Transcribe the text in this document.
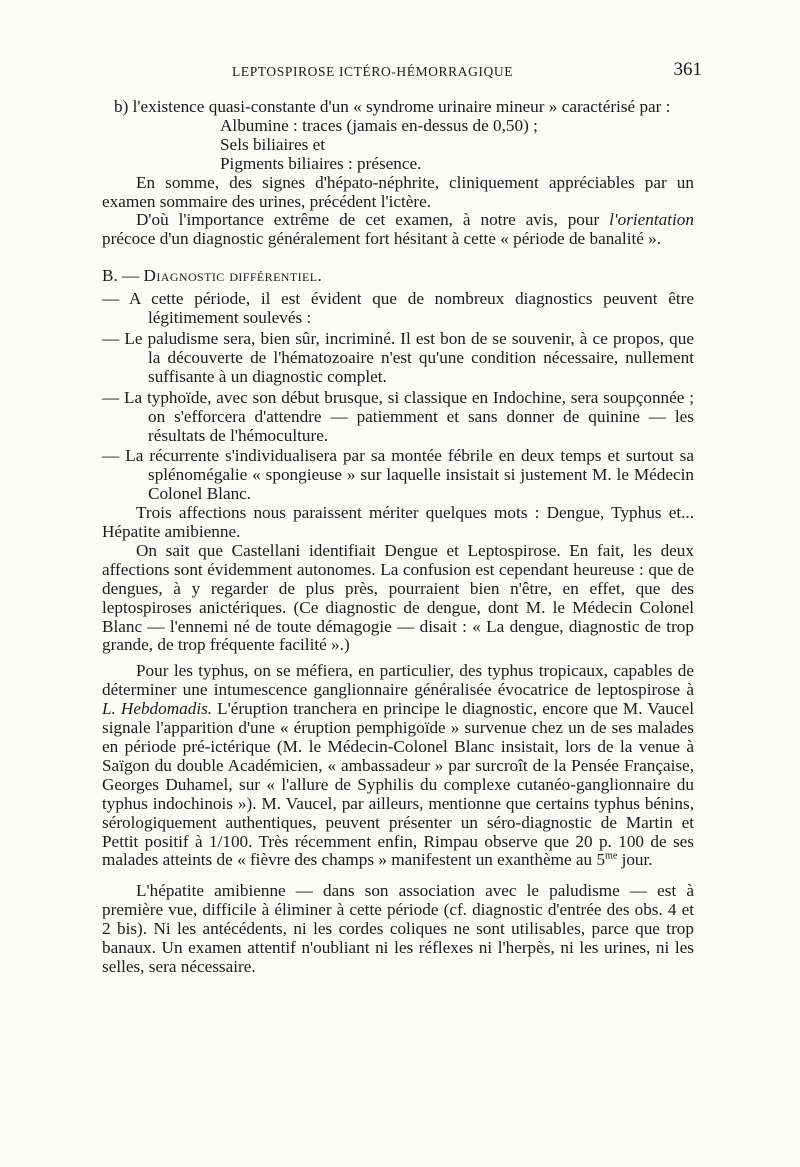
LEPTOSPIROSE ICTÉRO-HÉMORRAGIQUE	361

b) l'existence quasi-constante d'un « syndrome urinaire mineur » caractérisé par :

Albumine : traces (jamais en-dessus de 0,50) ;
Sels biliaires et
Pigments biliaires : présence.

En somme, des signes d'hépato-néphrite, cliniquement appréciables par un examen sommaire des urines, précédent l'ictère.

D'où l'importance extrême de cet examen, à notre avis, pour l'orientation précoce d'un diagnostic généralement fort hésitant à cette « période de banalité ».

B. — Diagnostic différentiel.

— A cette période, il est évident que de nombreux diagnostics peuvent être légitimement soulevés :

— Le paludisme sera, bien sûr, incriminé. Il est bon de se souvenir, à ce propos, que la découverte de l'hématozoaire n'est qu'une condition nécessaire, nullement suffisante à un diagnostic complet.

— La typhoïde, avec son début brusque, si classique en Indochine, sera soupçonnée ; on s'efforcera d'attendre — patiemment et sans donner de quinine — les résultats de l'hémoculture.

— La récurrente s'individualisera par sa montée fébrile en deux temps et surtout sa splénomégalie « spongieuse » sur laquelle insistait si justement M. le Médecin Colonel Blanc.

Trois affections nous paraissent mériter quelques mots : Dengue, Typhus et... Hépatite amibienne.

On sait que Castellani identifiait Dengue et Leptospirose. En fait, les deux affections sont évidemment autonomes. La confusion est cependant heureuse : que de dengues, à y regarder de plus près, pourraient bien n'être, en effet, que des leptospiroses anictériques. (Ce diagnostic de dengue, dont M. le Médecin Colonel Blanc — l'ennemi né de toute démagogie — disait : « La dengue, diagnostic de trop grande, de trop fréquente facilité ».)

Pour les typhus, on se méfiera, en particulier, des typhus tropicaux, capables de déterminer une intumescence ganglionnaire généralisée évocatrice de leptospirose à L. Hebdomadis. L'éruption tranchera en principe le diagnostic, encore que M. Vaucel signale l'apparition d'une « éruption pemphigoïde » survenue chez un de ses malades en période pré-ictérique (M. le Médecin-Colonel Blanc insistait, lors de la venue à Saïgon du double Académicien, « ambassadeur » par surcroît de la Pensée Française, Georges Duhamel, sur « l'allure de Syphilis du complexe cutanéo-ganglionnaire du typhus indochinois »). M. Vaucel, par ailleurs, mentionne que certains typhus bénins, sérologiquement authentiques, peuvent présenter un séro-diagnostic de Martin et Pettit positif à 1/100. Très récemment enfin, Rimpau observe que 20 p. 100 de ses malades atteints de « fièvre des champs » manifestent un exanthème au $5^{me}$ jour.

L'hépatite amibienne — dans son association avec le paludisme — est à première vue, difficile à éliminer à cette période (cf. diagnostic d'entrée des obs. 4 et 2 bis). Ni les antécédents, ni les cordes coliques ne sont utilisables, parce que trop banaux. Un examen attentif n'oubliant ni les réflexes ni l'herpès, ni les urines, ni les selles, sera nécessaire.
